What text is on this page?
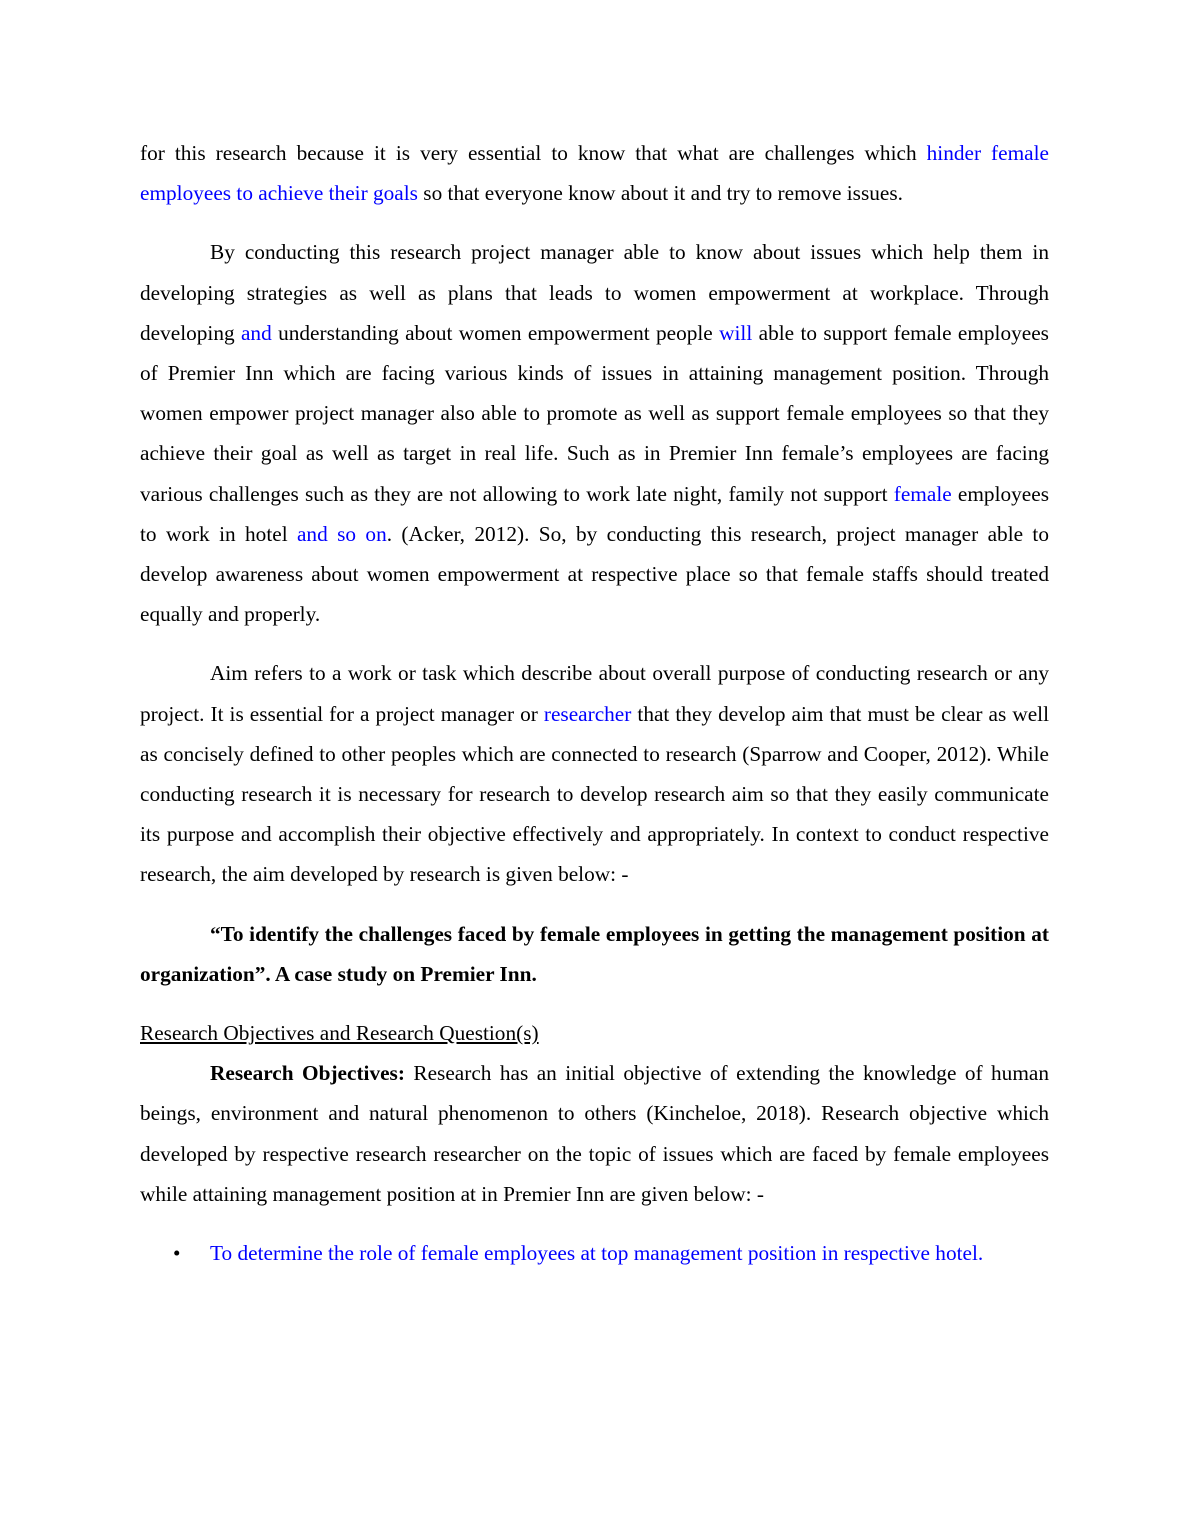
for this research because it is very essential to know that what are challenges which hinder female employees to achieve their goals so that everyone know about it and try to remove issues.

By conducting this research project manager able to know about issues which help them in developing strategies as well as plans that leads to women empowerment at workplace. Through developing and understanding about women empowerment people will able to support female employees of Premier Inn which are facing various kinds of issues in attaining management position. Through women empower project manager also able to promote as well as support female employees so that they achieve their goal as well as target in real life. Such as in Premier Inn female’s employees are facing various challenges such as they are not allowing to work late night, family not support female employees to work in hotel and so on. (Acker, 2012). So, by conducting this research, project manager able to develop awareness about women empowerment at respective place so that female staffs should treated equally and properly.

Aim refers to a work or task which describe about overall purpose of conducting research or any project. It is essential for a project manager or researcher that they develop aim that must be clear as well as concisely defined to other peoples which are connected to research (Sparrow and Cooper, 2012). While conducting research it is necessary for research to develop research aim so that they easily communicate its purpose and accomplish their objective effectively and appropriately. In context to conduct respective research, the aim developed by research is given below: -

“To identify the challenges faced by female employees in getting the management position at organization”. A case study on Premier Inn.

Research Objectives and Research Question(s)

Research Objectives: Research has an initial objective of extending the knowledge of human beings, environment and natural phenomenon to others (Kincheloe, 2018). Research objective which developed by respective research researcher on the topic of issues which are faced by female employees while attaining management position at in Premier Inn are given below: -

• To determine the role of female employees at top management position in respective hotel.
